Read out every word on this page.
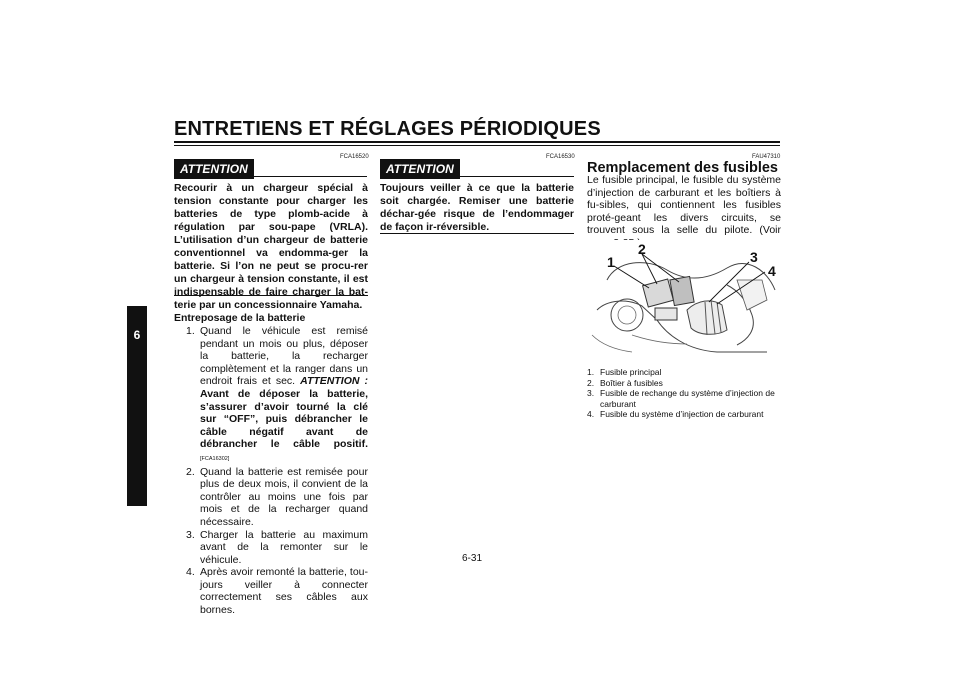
ENTRETIENS ET RÉGLAGES PÉRIODIQUES
6
FCA16520
ATTENTION
Recourir à un chargeur spécial à tension constante pour charger les batteries de type plomb-acide à régulation par sou-pape (VRLA). L’utilisation d’un chargeur de batterie conventionnel va endomma-ger la batterie. Si l’on ne peut se procu-rer un chargeur à tension constante, il est indispensable de faire charger la bat-terie par un concessionnaire Yamaha.
Entreposage de la batterie
1. Quand le véhicule est remisé pendant un mois ou plus, déposer la batterie, la recharger complètement et la ranger dans un endroit frais et sec. ATTENTION : Avant de déposer la batterie, s’assurer d’avoir tourné la clé sur “OFF”, puis débrancher le câble négatif avant de débrancher le câble positif. [FCA16302]
2. Quand la batterie est remisée pour plus de deux mois, il convient de la contrôler au moins une fois par mois et de la recharger quand nécessaire.
3. Charger la batterie au maximum avant de la remonter sur le véhicule.
4. Après avoir remonté la batterie, tou-jours veiller à connecter correctement ses câbles aux bornes.
FCA16530
ATTENTION
Toujours veiller à ce que la batterie soit chargée. Remiser une batterie déchar-gée risque de l’endommager de façon ir-réversible.
FAU47310
Remplacement des fusibles
Le fusible principal, le fusible du système d’injection de carburant et les boîtiers à fu-sibles, qui contiennent les fusibles proté-geant les divers circuits, se trouvent sous la selle du pilote. (Voir
1
2	3
4
1. Fusible principal
2. Boîtier à fusibles
3. Fusible de rechange du système d’injection de carburant
4. Fusible du système d’injection de carburant
6-31
